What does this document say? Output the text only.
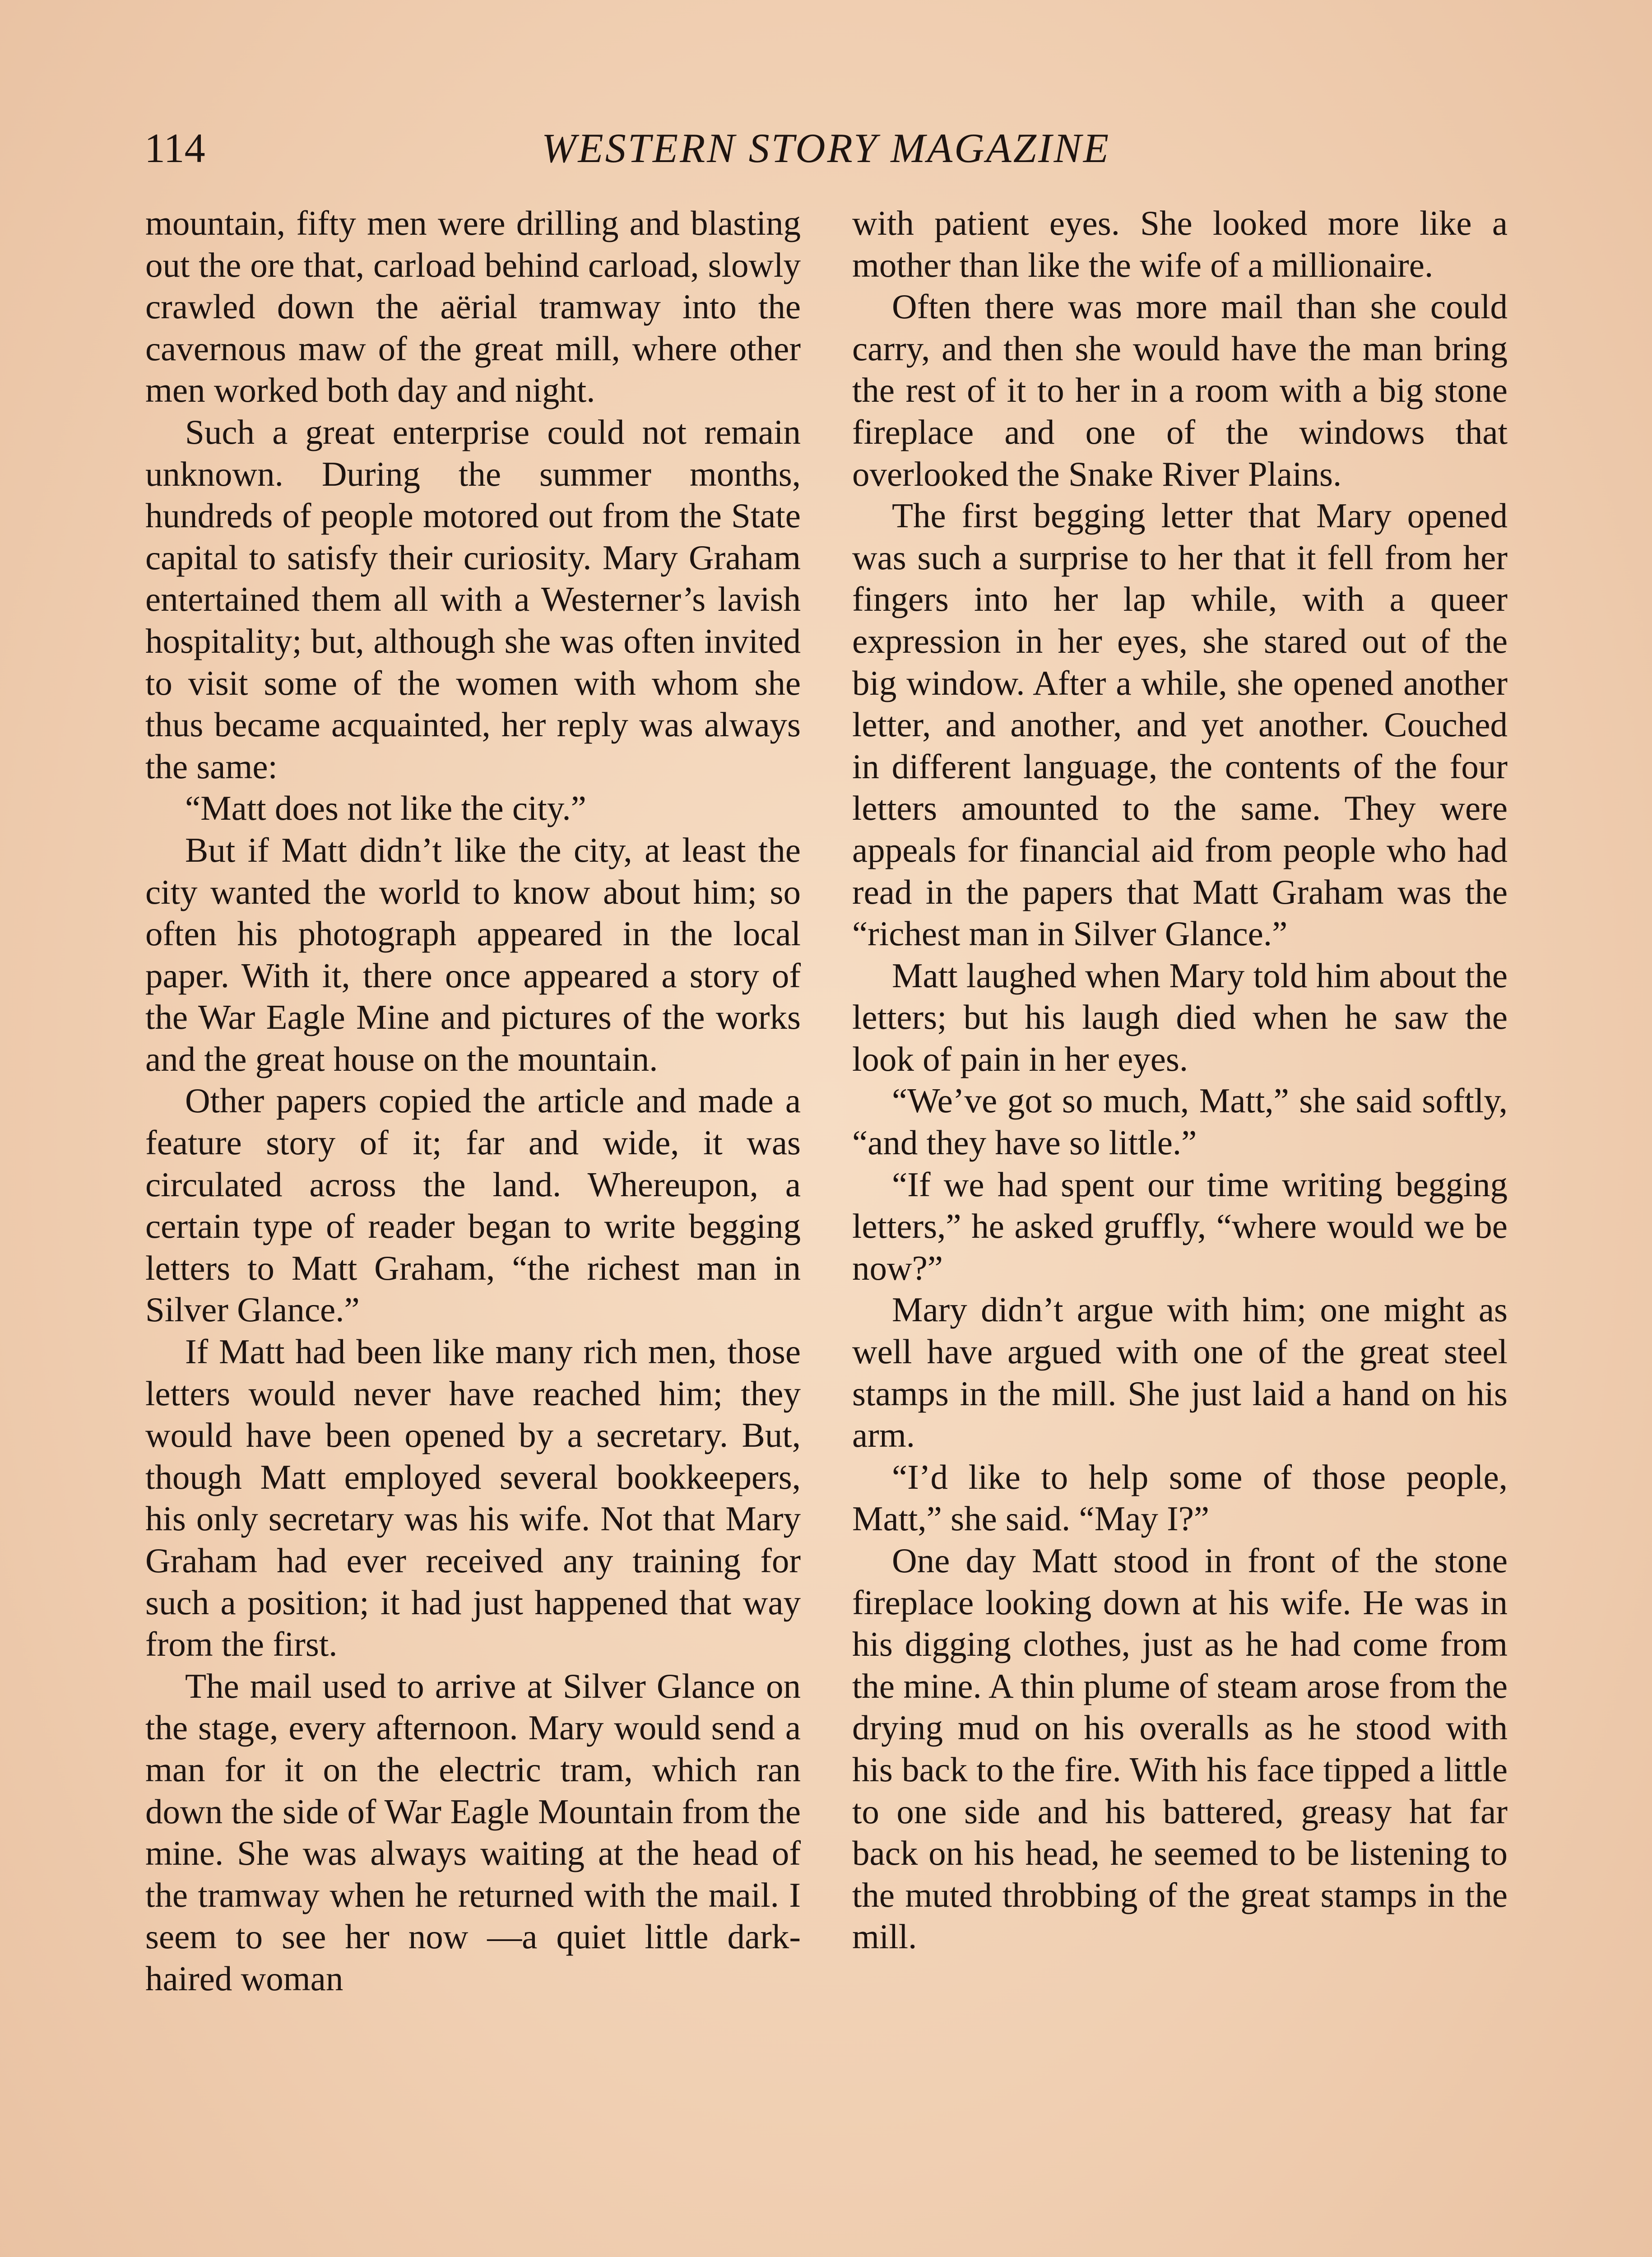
114	WESTERN STORY MAGAZINE

mountain, fifty men were drilling and blasting out the ore that, carload behind carload, slowly crawled down the aërial tramway into the cavernous maw of the great mill, where other men worked both day and night.

Such a great enterprise could not remain unknown. During the summer months, hundreds of people motored out from the State capital to satisfy their curiosity. Mary Graham entertained them all with a Westerner’s lavish hospitality; but, although she was often invited to visit some of the women with whom she thus became acquainted, her reply was always the same:

“Matt does not like the city.”

But if Matt didn’t like the city, at least the city wanted the world to know about him; so often his photograph appeared in the local paper. With it, there once appeared a story of the War Eagle Mine and pictures of the works and the great house on the mountain.

Other papers copied the article and made a feature story of it; far and wide, it was circulated across the land. Whereupon, a certain type of reader began to write begging letters to Matt Graham, “the richest man in Silver Glance.”

If Matt had been like many rich men, those letters would never have reached him; they would have been opened by a secretary. But, though Matt employed several bookkeepers, his only secretary was his wife. Not that Mary Graham had ever received any training for such a position; it had just happened that way from the first.

The mail used to arrive at Silver Glance on the stage, every afternoon. Mary would send a man for it on the electric tram, which ran down the side of War Eagle Mountain from the mine. She was always waiting at the head of the tramway when he returned with the mail. I seem to see her now —a quiet little dark-haired woman

with patient eyes. She looked more like a mother than like the wife of a millionaire.

Often there was more mail than she could carry, and then she would have the man bring the rest of it to her in a room with a big stone fireplace and one of the windows that overlooked the Snake River Plains.

The first begging letter that Mary opened was such a surprise to her that it fell from her fingers into her lap while, with a queer expression in her eyes, she stared out of the big window. After a while, she opened another letter, and another, and yet another. Couched in different language, the contents of the four letters amounted to the same. They were appeals for financial aid from people who had read in the papers that Matt Graham was the “richest man in Silver Glance.”

Matt laughed when Mary told him about the letters; but his laugh died when he saw the look of pain in her eyes.

“We’ve got so much, Matt,” she said softly, “and they have so little.”

“If we had spent our time writing begging letters,” he asked gruffly, “where would we be now?”

Mary didn’t argue with him; one might as well have argued with one of the great steel stamps in the mill. She just laid a hand on his arm.

“I’d like to help some of those people, Matt,” she said. “May I?”

One day Matt stood in front of the stone fireplace looking down at his wife. He was in his digging clothes, just as he had come from the mine. A thin plume of steam arose from the drying mud on his overalls as he stood with his back to the fire. With his face tipped a little to one side and his battered, greasy hat far back on his head, he seemed to be listening to the muted throbbing of the great stamps in the mill.
